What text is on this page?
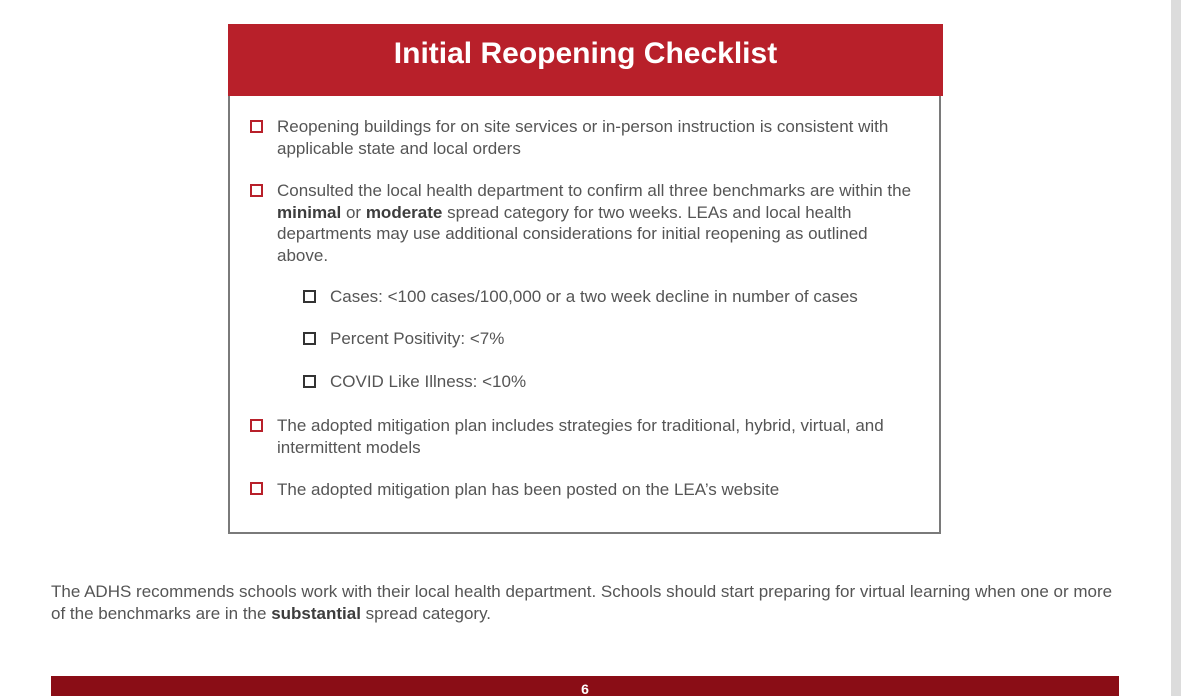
Initial Reopening Checklist
Reopening buildings for on site services or in-person instruction is consistent with applicable state and local orders
Consulted the local health department to confirm all three benchmarks are within the minimal or moderate spread category for two weeks. LEAs and local health departments may use additional considerations for initial reopening as outlined above.
Cases: <100 cases/100,000 or a two week decline in number of cases
Percent Positivity: <7%
COVID Like Illness: <10%
The adopted mitigation plan includes strategies for traditional, hybrid, virtual, and intermittent models
The adopted mitigation plan has been posted on the LEA’s website
The ADHS recommends schools work with their local health department. Schools should start preparing for virtual learning when one or more of the benchmarks are in the substantial spread category.
6
